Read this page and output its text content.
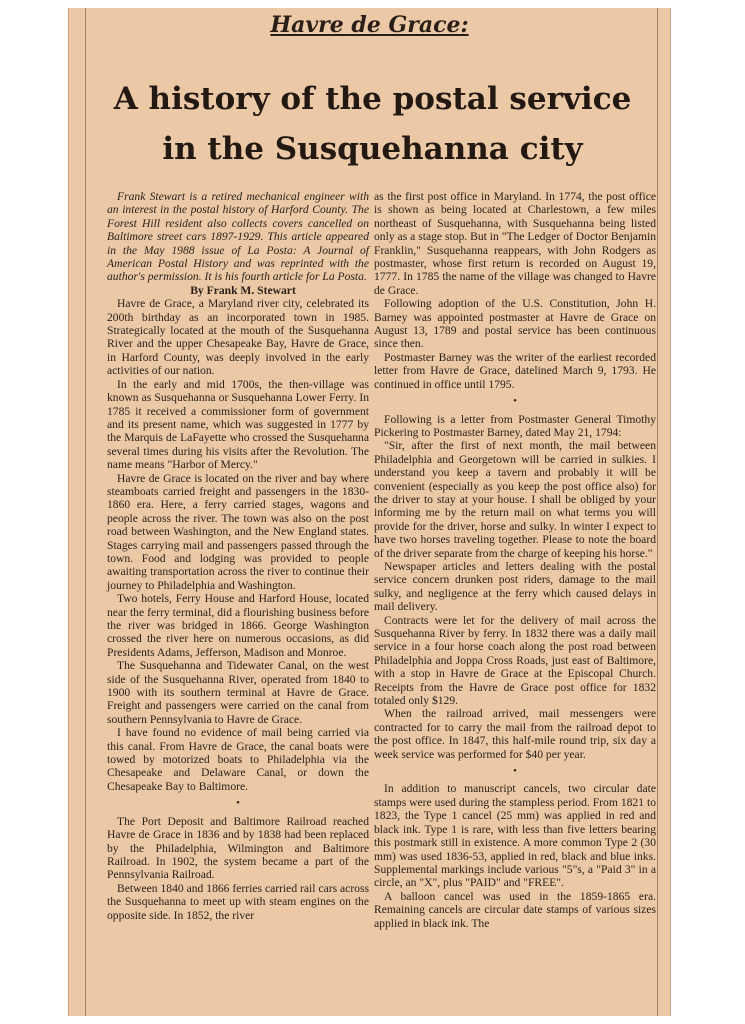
Havre de Grace:
A history of the postal service
in the Susquehanna city

Frank Stewart is a retired mechanical engineer with an interest in the postal history of Harford County. The Forest Hill resident also collects covers cancelled on Baltimore street cars 1897-1929. This article appeared in the May 1988 issue of La Posta: A Journal of American Postal History and was reprinted with the author's permission. It is his fourth article for La Posta.

By Frank M. Stewart

Havre de Grace, a Maryland river city, celebrated its 200th birthday as an incorporated town in 1985. Strategically located at the mouth of the Susquehanna River and the upper Chesapeake Bay, Havre de Grace, in Harford County, was deeply involved in the early activities of our nation.

In the early and mid 1700s, the then-village was known as Susquehanna or Susquehanna Lower Ferry. In 1785 it received a commissioner form of government and its present name, which was suggested in 1777 by the Marquis de LaFayette who crossed the Susquehanna several times during his visits after the Revolution. The name means "Harbor of Mercy."

Havre de Grace is located on the river and bay where steamboats carried freight and passengers in the 1830-1860 era. Here, a ferry carried stages, wagons and people across the river. The town was also on the post road between Washington, and the New England states. Stages carrying mail and passengers passed through the town. Food and lodging was provided to people awaiting transportation across the river to continue their journey to Philadelphia and Washington.

Two hotels, Ferry House and Harford House, located near the ferry terminal, did a flourishing business before the river was bridged in 1866. George Washington crossed the river here on numerous occasions, as did Presidents Adams, Jefferson, Madison and Monroe.

The Susquehanna and Tidewater Canal, on the west side of the Susquehanna River, operated from 1840 to 1900 with its southern terminal at Havre de Grace. Freight and passengers were carried on the canal from southern Pennsylvania to Havre de Grace.

I have found no evidence of mail being carried via this canal. From Havre de Grace, the canal boats were towed by motorized boats to Philadelphia via the Chesapeake and Delaware Canal, or down the Chesapeake Bay to Baltimore.

•

The Port Deposit and Baltimore Railroad reached Havre de Grace in 1836 and by 1838 had been replaced by the Philadelphia, Wilmington and Baltimore Railroad. In 1902, the system became a part of the Pennsylvania Railroad.

Between 1840 and 1866 ferries carried rail cars across the Susquehanna to meet up with steam engines on the opposite side. In 1852, the river

as the first post office in Maryland. In 1774, the post office is shown as being located at Charlestown, a few miles northeast of Susquehanna, with Susquehanna being listed only as a stage stop. But in "The Ledger of Doctor Benjamin Franklin," Susquehanna reappears, with John Rodgers as postmaster, whose first return is recorded on August 19, 1777. In 1785 the name of the village was changed to Havre de Grace.

Following adoption of the U.S. Constitution, John H. Barney was appointed postmaster at Havre de Grace on August 13, 1789 and postal service has been continuous since then.

Postmaster Barney was the writer of the earliest recorded letter from Havre de Grace, datelined March 9, 1793. He continued in office until 1795.

•

Following is a letter from Postmaster General Timothy Pickering to Postmaster Barney, dated May 21, 1794:

"Sir, after the first of next month, the mail between Philadelphia and Georgetown will be carried in sulkies. I understand you keep a tavern and probably it will be convenient (especially as you keep the post office also) for the driver to stay at your house. I shall be obliged by your informing me by the return mail on what terms you will provide for the driver, horse and sulky. In winter I expect to have two horses traveling together. Please to note the board of the driver separate from the charge of keeping his horse."

Newspaper articles and letters dealing with the postal service concern drunken post riders, damage to the mail sulky, and negligence at the ferry which caused delays in mail delivery.

Contracts were let for the delivery of mail across the Susquehanna River by ferry. In 1832 there was a daily mail service in a four horse coach along the post road between Philadelphia and Joppa Cross Roads, just east of Baltimore, with a stop in Havre de Grace at the Episcopal Church. Receipts from the Havre de Grace post office for 1832 totaled only $129.

When the railroad arrived, mail messengers were contracted for to carry the mail from the railroad depot to the post office. In 1847, this half-mile round trip, six day a week service was performed for $40 per year.

•

In addition to manuscript cancels, two circular date stamps were used during the stampless period. From 1821 to 1823, the Type 1 cancel (25 mm) was applied in red and black ink. Type 1 is rare, with less than five letters bearing this postmark still in existence. A more common Type 2 (30 mm) was used 1836-53, applied in red, black and blue inks. Supplemental markings include various "5"s, a "Paid 3" in a circle, an "X", plus "PAID" and "FREE".

A balloon cancel was used in the 1859-1865 era. Remaining cancels are circular date stamps of various sizes applied in black ink. The
